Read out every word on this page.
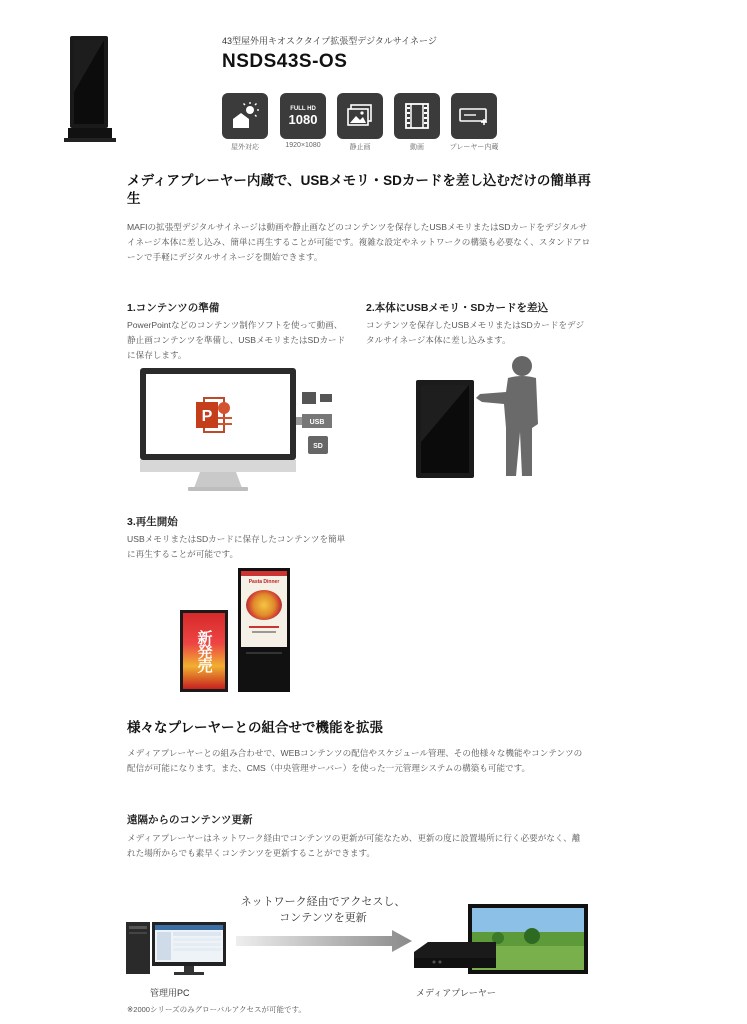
43型屋外用キオスクタイプ拡張型デジタルサイネージ
NSDS43S-OS
FULL HD
1080
屋外対応	1920×1080	静止画	動画	プレーヤー内蔵
メディアプレーヤー内蔵で、USBメモリ・SDカードを差し込むだけの簡単再生
MAFIの拡張型デジタルサイネージは動画や静止画などのコンテンツを保存したUSBメモリまたはSDカードをデジタルサイネージ本体に差し込み、簡単に再生することが可能です。複雑な設定やネットワークの構築も必要なく、スタンドアローンで手軽にデジタルサイネージを開始できます。
1.コンテンツの準備
PowerPointなどのコンテンツ制作ソフトを使って動画、静止画コンテンツを準備し、USBメモリまたはSDカードに保存します。
P	USB
SD
2.本体にUSBメモリ・SDカードを差込
コンテンツを保存したUSBメモリまたはSDカードをデジタルサイネージ本体に差し込みます。
3.再生開始
USBメモリまたはSDカードに保存したコンテンツを簡単に再生することが可能です。
新発売
Pasta Dinner
様々なプレーヤーとの組合せで機能を拡張
メディアプレーヤーとの組み合わせで、WEBコンテンツの配信やスケジュール管理、その他様々な機能やコンテンツの配信が可能になります。また、CMS（中央管理サーバー）を使った一元管理システムの構築も可能です。
遠隔からのコンテンツ更新
メディアプレーヤーはネットワーク経由でコンテンツの更新が可能なため、更新の度に設置場所に行く必要がなく、離れた場所からでも素早くコンテンツを更新することができます。
ネットワーク経由でアクセスし、
コンテンツを更新
管理用PC	メディアプレーヤー
※2000シリーズのみグローバルアクセスが可能です。
